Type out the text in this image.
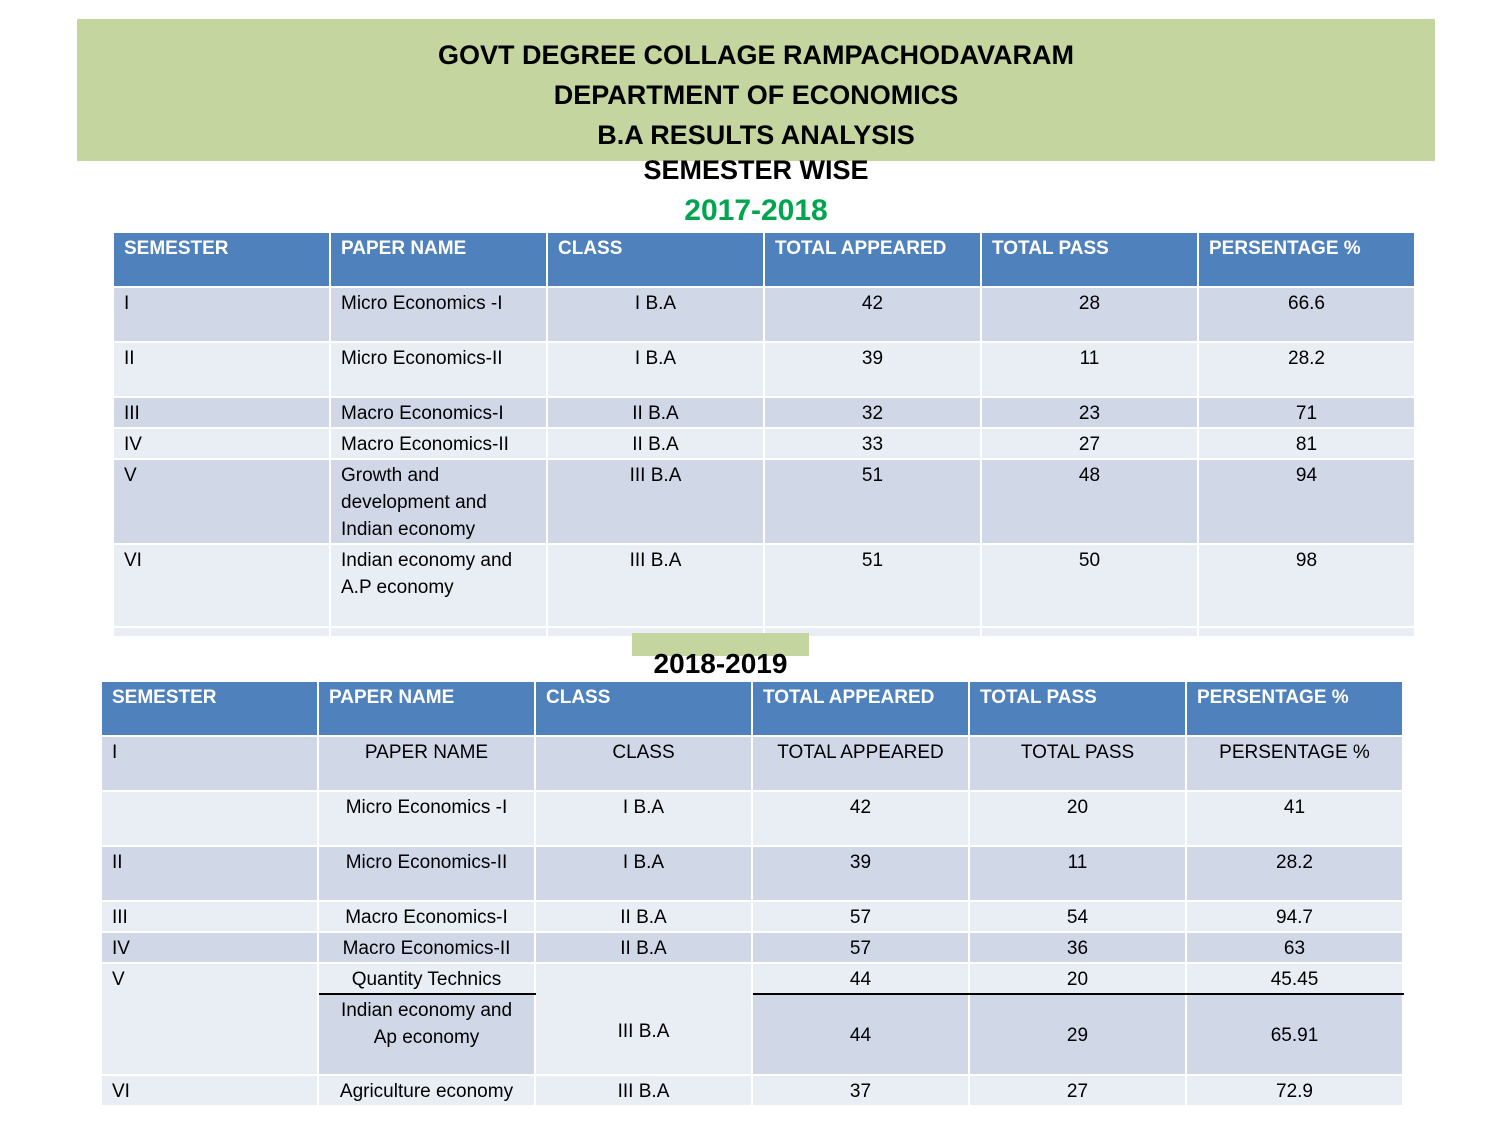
GOVT DEGREE COLLAGE RAMPACHODAVARAM
DEPARTMENT OF ECONOMICS
B.A RESULTS ANALYSIS
SEMESTER WISE
2017-2018
SEMESTER	PAPER NAME	CLASS	TOTAL APPEARED	TOTAL PASS	PERSENTAGE %
I	Micro Economics -I	I B.A	42	28	66.6
II	Micro Economics-II	I B.A	39	11	28.2
III	Macro Economics-I	II B.A	32	23	71
IV	Macro Economics-II	II B.A	33	27	81
V	Growth and development and Indian economy	III B.A	51	48	94
VI	Indian economy and A.P economy	III B.A	51	50	98

2018-2019
SEMESTER	PAPER NAME	CLASS	TOTAL APPEARED	TOTAL PASS	PERSENTAGE %
I	PAPER NAME	CLASS	TOTAL APPEARED	TOTAL PASS	PERSENTAGE %
	Micro Economics -I	I B.A	42	20	41
II	Micro Economics-II	I B.A	39	11	28.2
III	Macro Economics-I	II B.A	57	54	94.7
IV	Macro Economics-II	II B.A	57	36	63
V	Quantity Technics	III B.A	44	20	45.45
	Indian economy and Ap economy		44	29	65.91
VI	Agriculture economy	III B.A	37	27	72.9
